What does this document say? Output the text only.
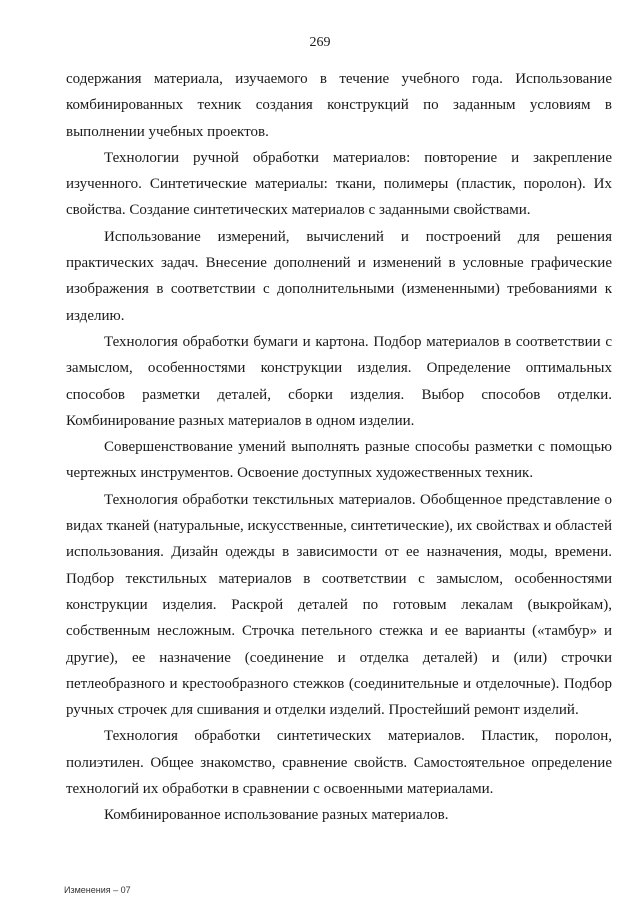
269

содержания материала, изучаемого в течение учебного года. Использование комбинированных техник создания конструкций по заданным условиям в выполнении учебных проектов.

Технологии ручной обработки материалов: повторение и закрепление изученного. Синтетические материалы: ткани, полимеры (пластик, поролон). Их свойства. Создание синтетических материалов с заданными свойствами.

Использование измерений, вычислений и построений для решения практических задач. Внесение дополнений и изменений в условные графические изображения в соответствии с дополнительными (измененными) требованиями к изделию.

Технология обработки бумаги и картона. Подбор материалов в соответствии с замыслом, особенностями конструкции изделия. Определение оптимальных способов разметки деталей, сборки изделия. Выбор способов отделки. Комбинирование разных материалов в одном изделии.

Совершенствование умений выполнять разные способы разметки с помощью чертежных инструментов. Освоение доступных художественных техник.

Технология обработки текстильных материалов. Обобщенное представление о видах тканей (натуральные, искусственные, синтетические), их свойствах и областей использования. Дизайн одежды в зависимости от ее назначения, моды, времени. Подбор текстильных материалов в соответствии с замыслом, особенностями конструкции изделия. Раскрой деталей по готовым лекалам (выкройкам), собственным несложным. Строчка петельного стежка и ее варианты («тамбур» и другие), ее назначение (соединение и отделка деталей) и (или) строчки петлеобразного и крестообразного стежков (соединительные и отделочные). Подбор ручных строчек для сшивания и отделки изделий. Простейший ремонт изделий.

Технология обработки синтетических материалов. Пластик, поролон, полиэтилен. Общее знакомство, сравнение свойств. Самостоятельное определение технологий их обработки в сравнении с освоенными материалами.

Комбинированное использование разных материалов.

Изменения – 07
